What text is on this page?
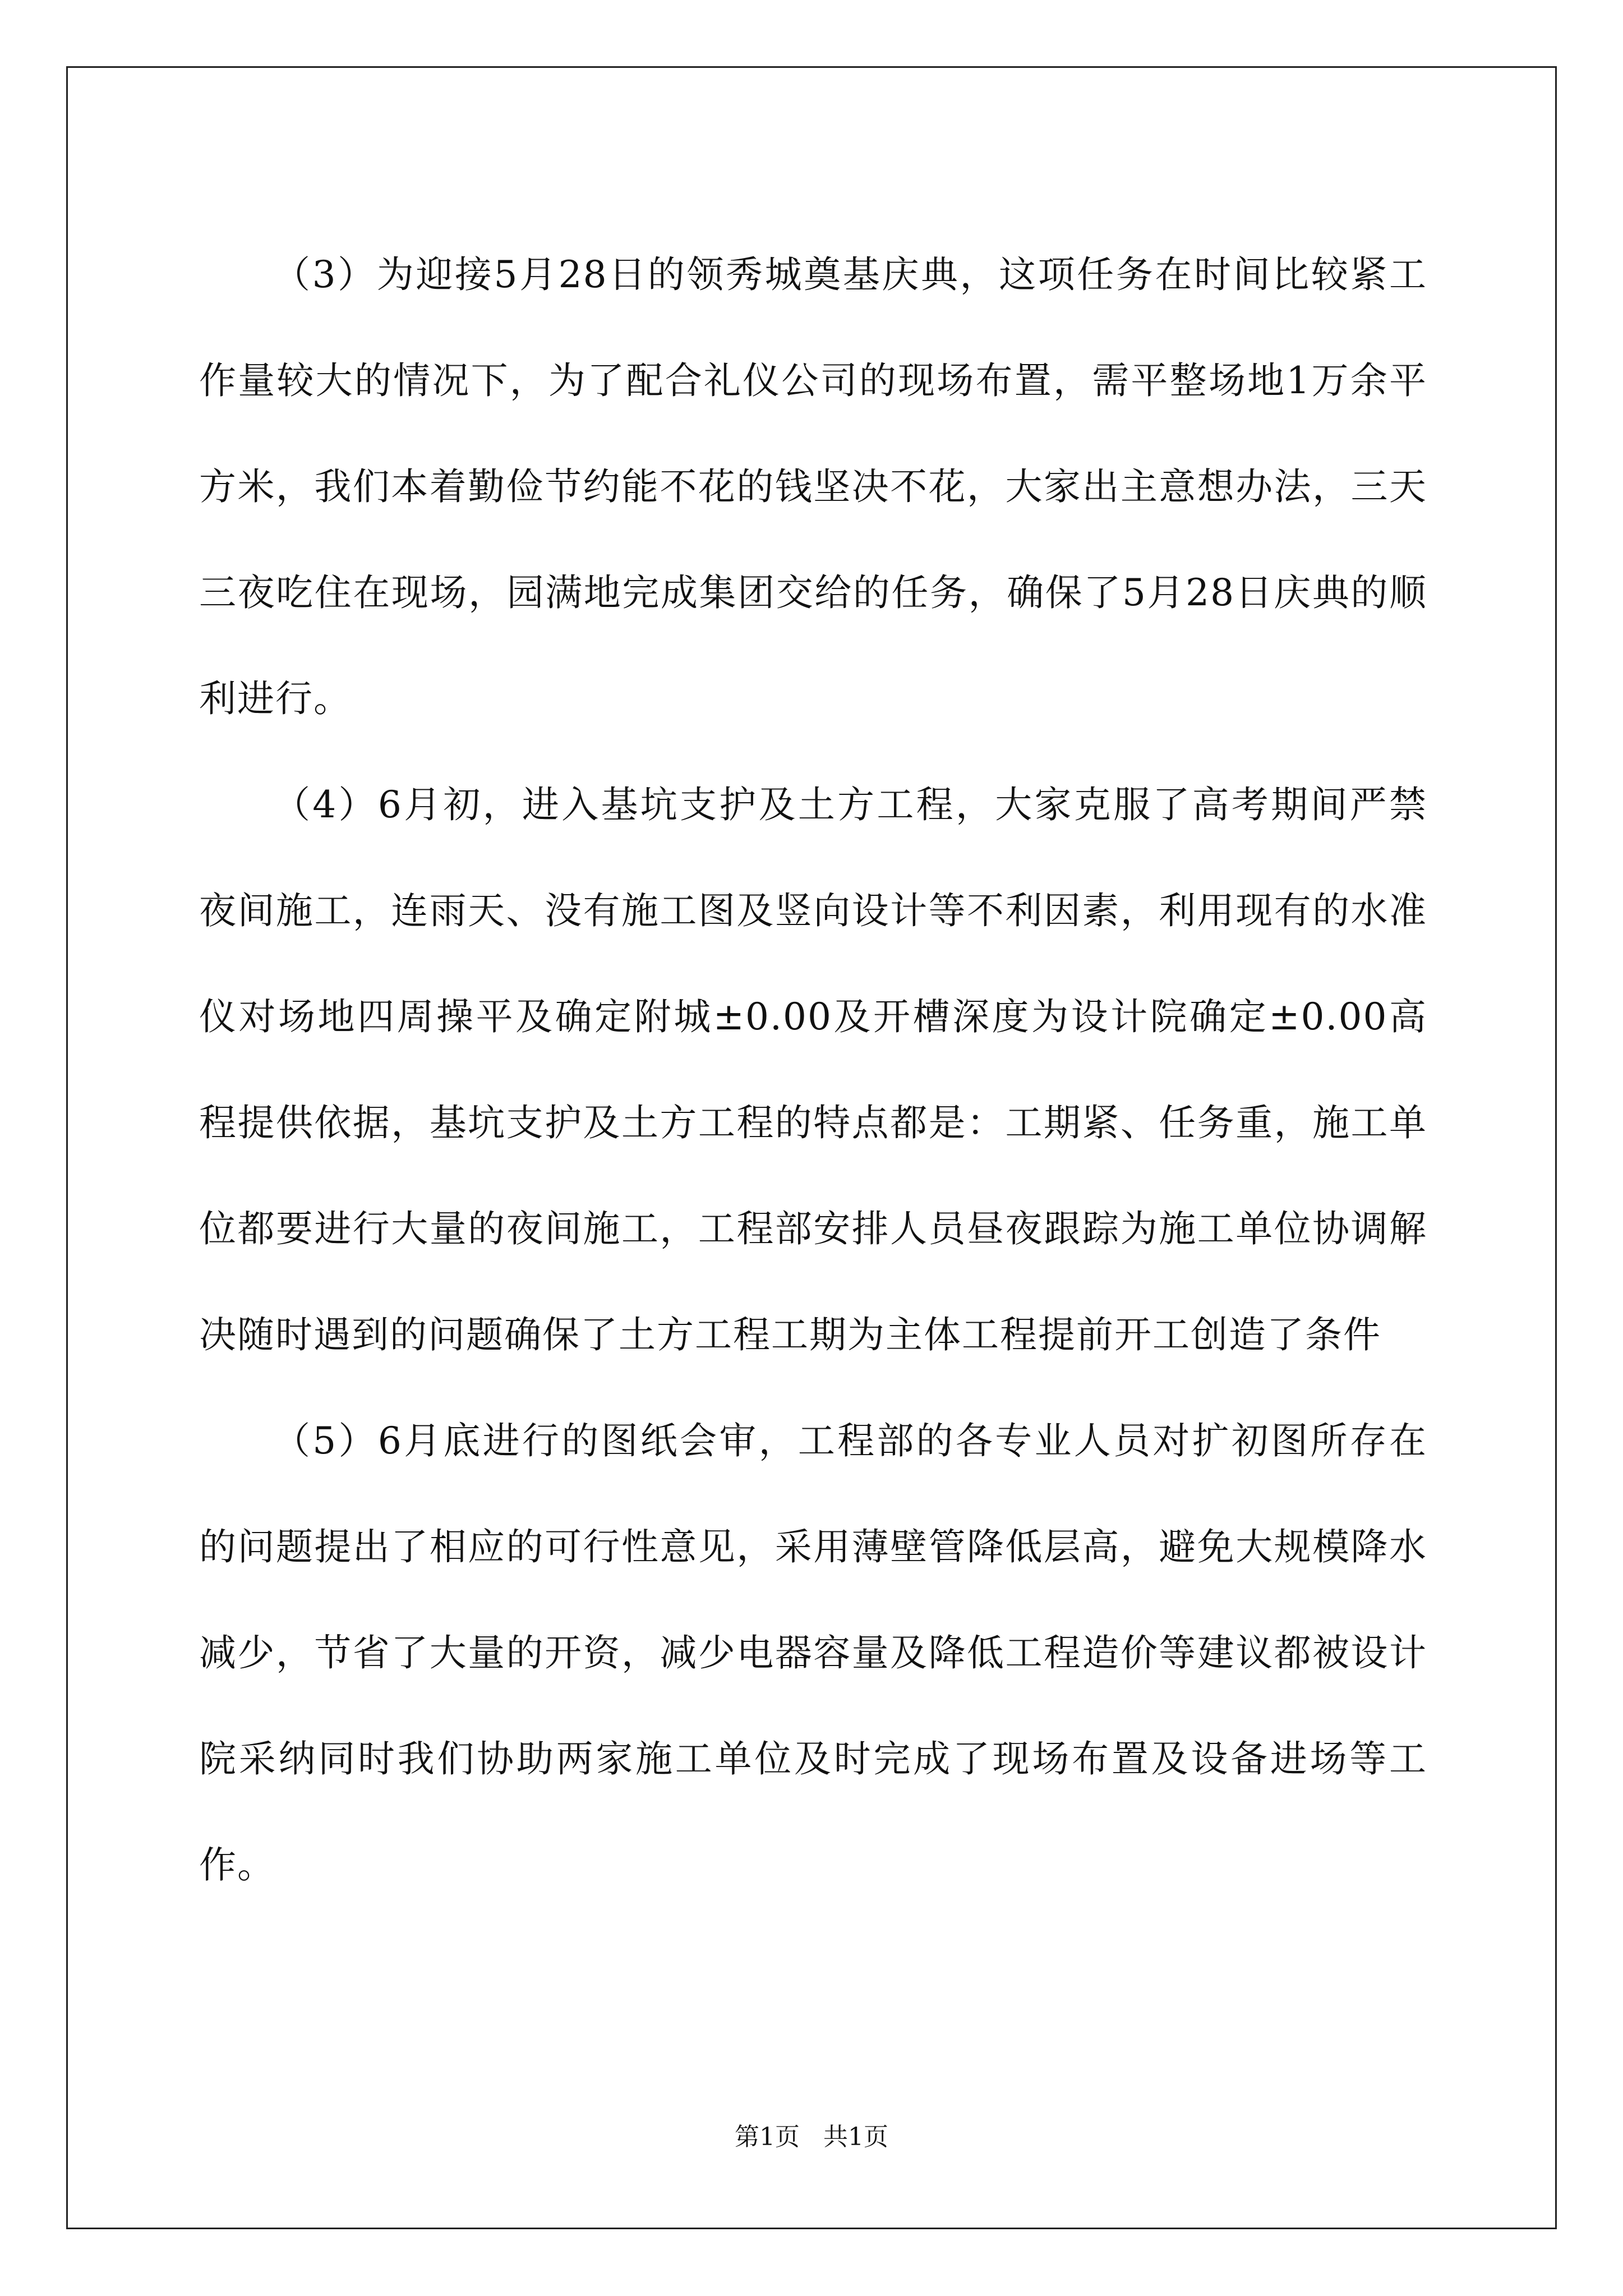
（3）为迎接5月28日的领秀城奠基庆典，这项任务在时间比较紧工作量较大的情况下，为了配合礼仪公司的现场布置，需平整场地1万余平方米，我们本着勤俭节约能不花的钱坚决不花，大家出主意想办法，三天三夜吃住在现场，园满地完成集团交给的任务，确保了5月28日庆典的顺利进行。

（4）6月初，进入基坑支护及土方工程，大家克服了高考期间严禁夜间施工，连雨天、没有施工图及竖向设计等不利因素，利用现有的水准仪对场地四周操平及确定附城±0.00及开槽深度为设计院确定±0.00高程提供依据，基坑支护及土方工程的特点都是：工期紧、任务重，施工单位都要进行大量的夜间施工，工程部安排人员昼夜跟踪为施工单位协调解决随时遇到的问题确保了土方工程工期为主体工程提前开工创造了条件

（5）6月底进行的图纸会审，工程部的各专业人员对扩初图所存在的问题提出了相应的可行性意见，采用薄壁管降低层高，避免大规模降水减少，节省了大量的开资，减少电器容量及降低工程造价等建议都被设计院采纳同时我们协助两家施工单位及时完成了现场布置及设备进场等工作。

第1页 共1页
